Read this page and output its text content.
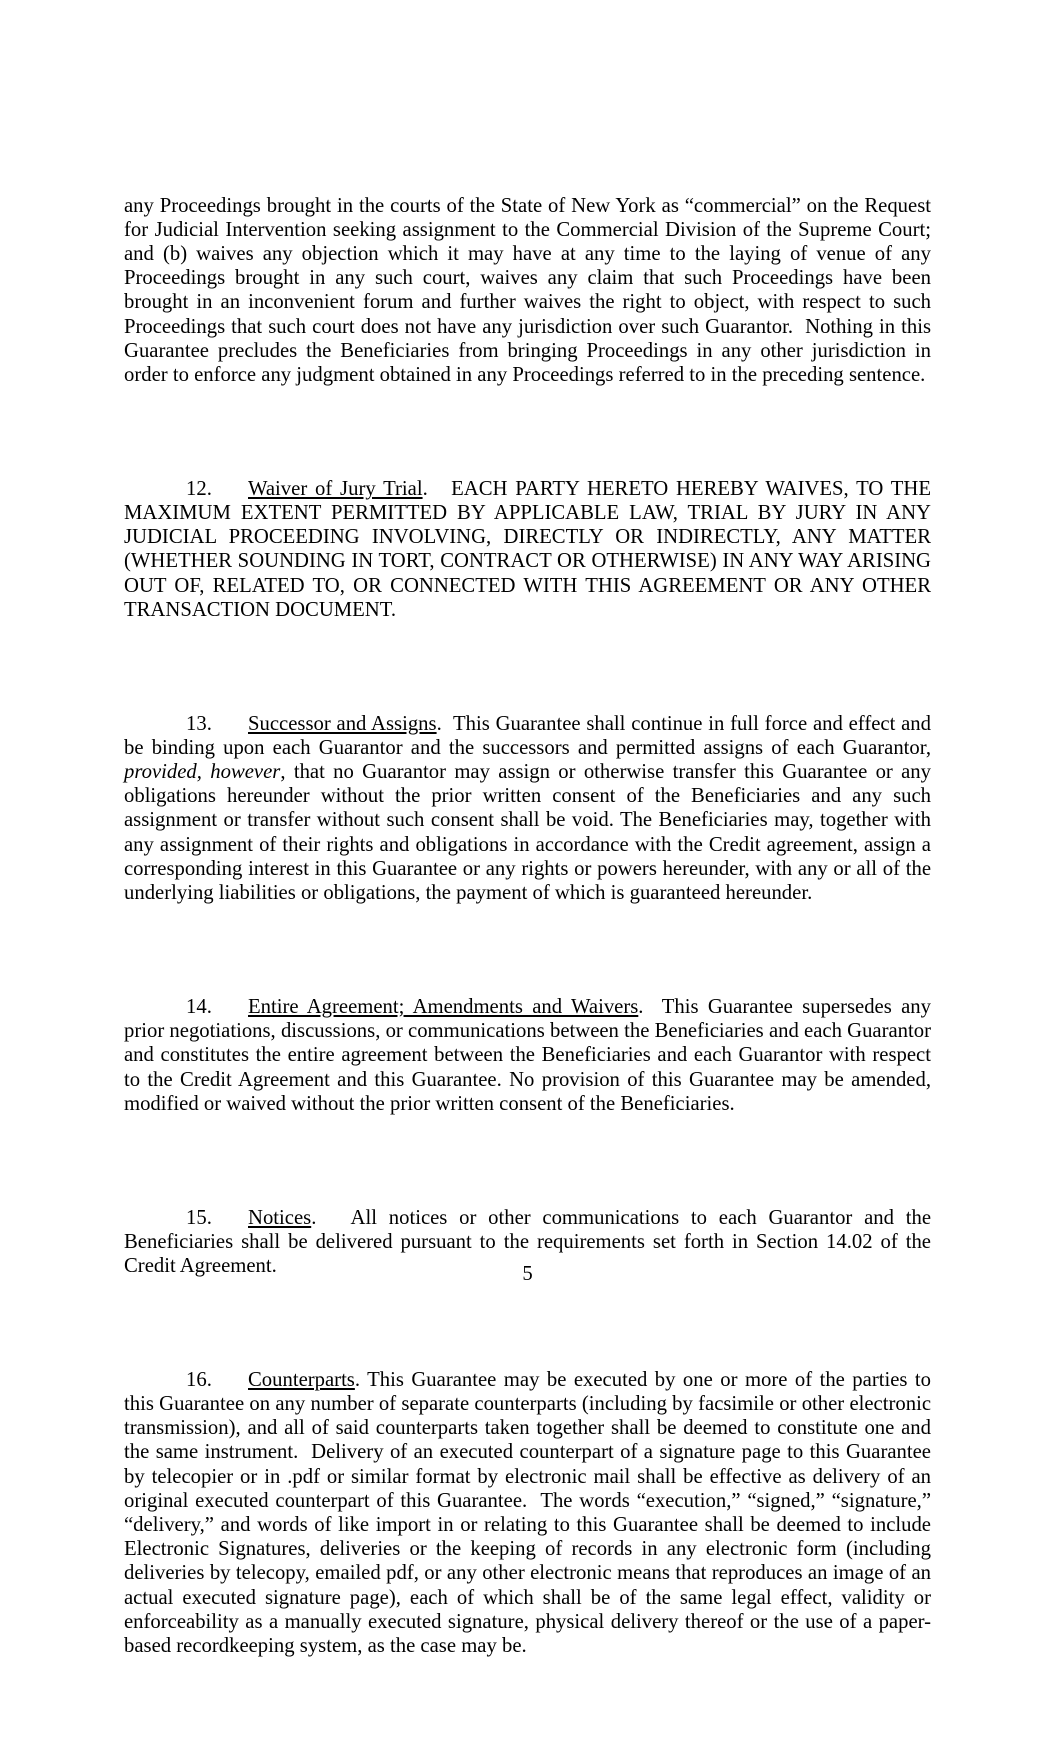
any Proceedings brought in the courts of the State of New York as “commercial” on the Request for Judicial Intervention seeking assignment to the Commercial Division of the Supreme Court; and (b) waives any objection which it may have at any time to the laying of venue of any Proceedings brought in any such court, waives any claim that such Proceedings have been brought in an inconvenient forum and further waives the right to object, with respect to such Proceedings that such court does not have any jurisdiction over such Guarantor.  Nothing in this Guarantee precludes the Beneficiaries from bringing Proceedings in any other jurisdiction in order to enforce any judgment obtained in any Proceedings referred to in the preceding sentence.

12. Waiver of Jury Trial.   EACH PARTY HERETO HEREBY WAIVES, TO THE MAXIMUM EXTENT PERMITTED BY APPLICABLE LAW, TRIAL BY JURY IN ANY JUDICIAL PROCEEDING INVOLVING, DIRECTLY OR INDIRECTLY, ANY MATTER (WHETHER SOUNDING IN TORT, CONTRACT OR OTHERWISE) IN ANY WAY ARISING OUT OF, RELATED TO, OR CONNECTED WITH THIS AGREEMENT OR ANY OTHER TRANSACTION DOCUMENT.

13. Successor and Assigns.  This Guarantee shall continue in full force and effect and be binding upon each Guarantor and the successors and permitted assigns of each Guarantor, provided, however, that no Guarantor may assign or otherwise transfer this Guarantee or any obligations hereunder without the prior written consent of the Beneficiaries and any such assignment or transfer without such consent shall be void. The Beneficiaries may, together with any assignment of their rights and obligations in accordance with the Credit agreement, assign a corresponding interest in this Guarantee or any rights or powers hereunder, with any or all of the underlying liabilities or obligations, the payment of which is guaranteed hereunder.

14. Entire Agreement; Amendments and Waivers.  This Guarantee supersedes any prior negotiations, discussions, or communications between the Beneficiaries and each Guarantor and constitutes the entire agreement between the Beneficiaries and each Guarantor with respect to the Credit Agreement and this Guarantee. No provision of this Guarantee may be amended, modified or waived without the prior written consent of the Beneficiaries.

15. Notices.   All notices or other communications to each Guarantor and the Beneficiaries shall be delivered pursuant to the requirements set forth in Section 14.02 of the Credit Agreement.

16. Counterparts. This Guarantee may be executed by one or more of the parties to this Guarantee on any number of separate counterparts (including by facsimile or other electronic transmission), and all of said counterparts taken together shall be deemed to constitute one and the same instrument.  Delivery of an executed counterpart of a signature page to this Guarantee by telecopier or in .pdf or similar format by electronic mail shall be effective as delivery of an original executed counterpart of this Guarantee.  The words “execution,” “signed,” “signature,” “delivery,” and words of like import in or relating to this Guarantee shall be deemed to include Electronic Signatures, deliveries or the keeping of records in any electronic form (including deliveries by telecopy, emailed pdf, or any other electronic means that reproduces an image of an actual executed signature page), each of which shall be of the same legal effect, validity or enforceability as a manually executed signature, physical delivery thereof or the use of a paper-based recordkeeping system, as the case may be.

5
